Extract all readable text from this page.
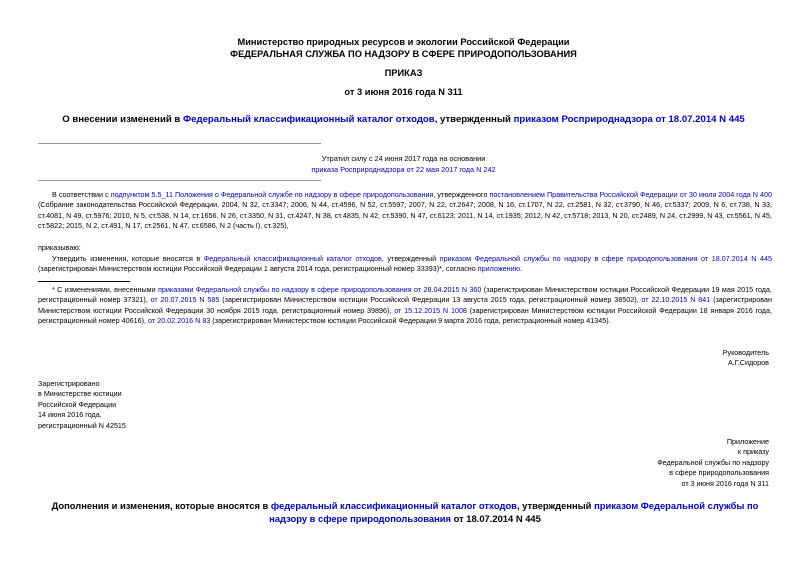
Министерство природных ресурсов и экологии Российской Федерации
ФЕДЕРАЛЬНАЯ СЛУЖБА ПО НАДЗОРУ В СФЕРЕ ПРИРОДОПОЛЬЗОВАНИЯ
ПРИКАЗ
от 3 июня 2016 года N 311
О внесении изменений в Федеральный классификационный каталог отходов, утвержденный приказом Росприроднадзора от 18.07.2014 N 445
Утратил силу с 24 июня 2017 года на основании
приказа Росприроднадзора от 22 мая 2017 года N 242
В соответствии с подпунктом 5.5_11 Положения о Федеральной службе по надзору в сфере природопользования, утвержденного постановлением Правительства Российской Федерации от 30 июля 2004 года N 400 (Собрание законодательства Российской Федерации, 2004, N 32, ст.3347; 2006, N 44, ст.4596, N 52, ст.5597; 2007, N 22, ст.2647; 2008, N 16, ст.1707, N 22, ст.2581, N 32, ст.3790, N 46, ст.5337; 2009, N 6, ст.738, N 33, ст.4081, N 49, ст.5976; 2010, N 5, ст.538, N 14, ст.1656, N 26, ст.3350, N 31, ст.4247, N 38, ст.4835, N 42, ст.5390, N 47, ст.6123; 2011, N 14, ст.1935; 2012, N 42, ст.5718; 2013, N 20, ст.2489, N 24, ст.2999, N 43, ст.5561, N 45, ст.5822; 2015, N 2, ст.491, N 17, ст.2561, N 47, ст.6586, N 2 (часть I), ст.325),
приказываю:
Утвердить изменения, которые вносятся в Федеральный классификационный каталог отходов, утвержденный приказом Федеральной службы по надзору в сфере природопользования от 18.07.2014 N 445 (зарегистрирован Министерством юстиции Российской Федерации 1 августа 2014 года, регистрационный номер 33393)*, согласно приложению.
* С изменениями, внесенными приказами Федеральной службы по надзору в сфере природопользования от 28.04.2015 N 360 (зарегистрирован Министерством юстиции Российской Федерации 19 мая 2015 года, регистрационный номер 37321), от 20.07.2015 N 585 (зарегистрирован Министерством юстиции Российской Федерации 13 августа 2015 года, регистрационный номер 38502), от 22.10.2015 N 841 (зарегистрирован Министерством юстиции Российской Федерации 30 ноября 2015 года, регистрационный номер 39896), от 15.12.2015 N 1008 (зарегистрирован Министерством юстиции Российской Федерации 18 января 2016 года, регистрационный номер 40616), от 20.02.2016 N 83 (зарегистрирован Министерством юстиции Российской Федерации 9 марта 2016 года, регистрационный номер 41345).
Руководитель
А.Г.Сидоров
Зарегистрировано
в Министерстве юстиции
Российской Федерации
14 июня 2016 года,
регистрационный N 42515
Приложение
к приказу
Федеральной службы по надзору
в сфере природопользования
от 3 июня 2016 года N 311
Дополнения и изменения, которые вносятся в федеральный классификационный каталог отходов, утвержденный приказом Федеральной службы по надзору в сфере природопользования от 18.07.2014 N 445
